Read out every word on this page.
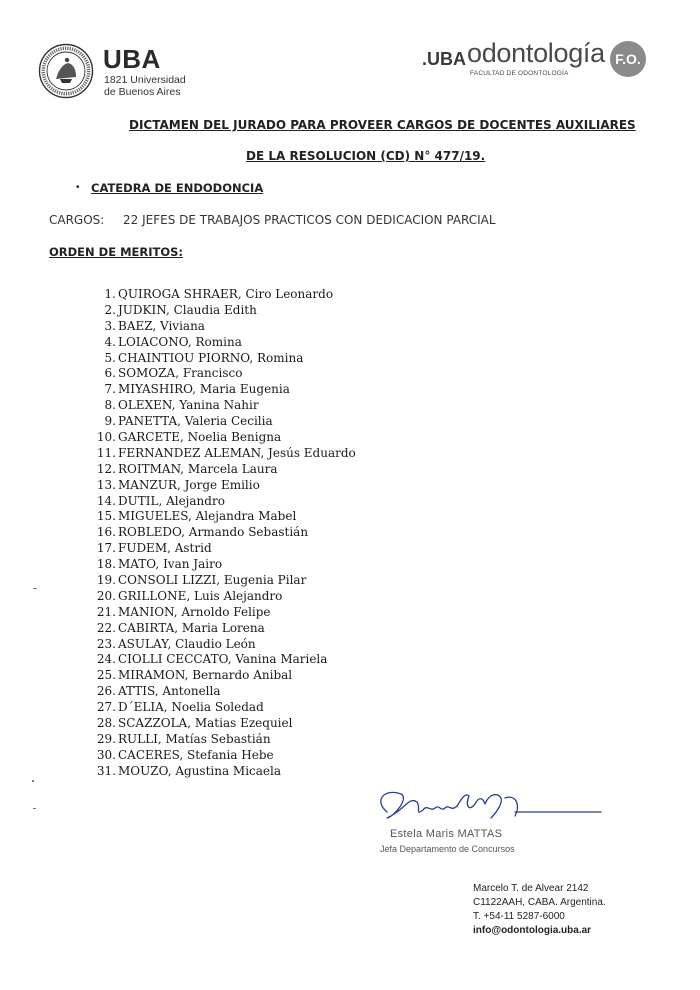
UBA
1821 Universidad
de Buenos Aires
.UBA odontología
FACULTAD DE ODONTOLOGÍA
F.O.
DICTAMEN DEL JURADO PARA PROVEER CARGOS DE DOCENTES AUXILIARES
DE LA RESOLUCION (CD) N° 477/19.
• CATEDRA DE ENDODONCIA
CARGOS: 22 JEFES DE TRABAJOS PRACTICOS CON DEDICACION PARCIAL
ORDEN DE MERITOS:
1. QUIROGA SHRAER, Ciro Leonardo
2. JUDKIN, Claudia Edith
3. BAEZ, Viviana
4. LOIACONO, Romina
5. CHAINTIOU PIORNO, Romina
6. SOMOZA, Francisco
7. MIYASHIRO, Maria Eugenia
8. OLEXEN, Yanina Nahir
9. PANETTA, Valeria Cecilia
10. GARCETE, Noelia Benigna
11. FERNANDEZ ALEMAN, Jesús Eduardo
12. ROITMAN, Marcela Laura
13. MANZUR, Jorge Emilio
14. DUTIL, Alejandro
15. MIGUELES, Alejandra Mabel
16. ROBLEDO, Armando Sebastián
17. FUDEM, Astrid
18. MATO, Ivan Jairo
19. CONSOLI LIZZI, Eugenia Pilar
20. GRILLONE, Luis Alejandro
21. MANION, Arnoldo Felipe
22. CABIRTA, Maria Lorena
23. ASULAY, Claudio León
24. CIOLLI CECCATO, Vanina Mariela
25. MIRAMON, Bernardo Anibal
26. ATTIS, Antonella
27. D´ELIA, Noelia Soledad
28. SCAZZOLA, Matias Ezequiel
29. RULLI, Matías Sebastián
30. CACERES, Stefania Hebe
31. MOUZO, Agustina Micaela
Estela Maris MATTAS
Jefa Departamento de Concursos
Marcelo T. de Alvear 2142
C1122AAH, CABA. Argentina.
T. +54-11 5287-6000
info@odontologia.uba.ar
